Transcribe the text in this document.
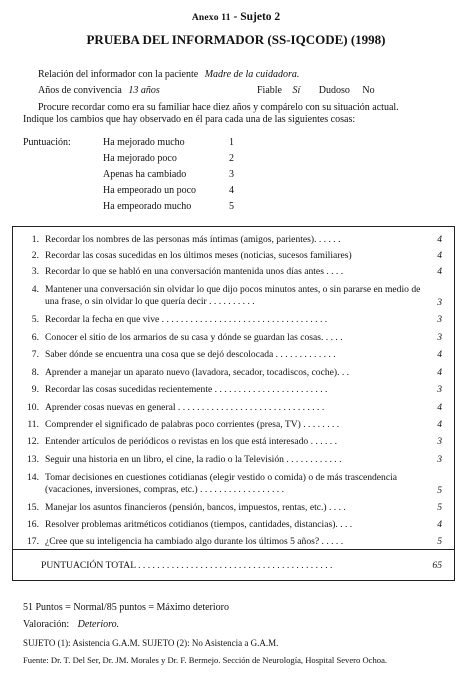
Anexo 11 - Sujeto 2
PRUEBA DEL INFORMADOR (SS-IQCODE) (1998)
Relación del informador con la paciente Madre de la cuidadora.
Años de convivencia 13 años	Fiable Sí Dudoso No
Procure recordar como era su familiar hace diez años y compárelo con su situación actual.
Indique los cambios que hay observado en él para cada una de las siguientes cosas:
Puntuación:	Ha mejorado mucho	1
Ha mejorado poco	2
Apenas ha cambiado	3
Ha empeorado un poco	4
Ha empeorado mucho	5
1. Recordar los nombres de las personas más íntimas (amigos, parientes). . . . . .	4
2. Recordar las cosas sucedidas en los últimos meses (noticias, sucesos familiares)	4
3. Recordar lo que se habló en una conversación mantenida unos días antes . . . .	4
4. Mantener una conversación sin olvidar lo que dijo pocos minutos antes, o sin pararse en medio de una frase, o sin olvidar lo que quería decir . . . . . . . . . .	3
5. Recordar la fecha en que vive . . . . . . . . . . . . . . . . . . . . . . . . . . . . . . . . . . .	3
6. Conocer el sitio de los armarios de su casa y dónde se guardan las cosas. . . . .	3
7. Saber dónde se encuentra una cosa que se dejó descolocada . . . . . . . . . . . . .	4
8. Aprender a manejar un aparato nuevo (lavadora, secador, tocadiscos, coche). . .	4
9. Recordar las cosas sucedidas recientemente . . . . . . . . . . . . . . . . . . . . . . . .	3
10. Aprender cosas nuevas en general . . . . . . . . . . . . . . . . . . . . . . . . . . . . . . .	4
11. Comprender el significado de palabras poco corrientes (presa, TV) . . . . . . . .	4
12. Entender artículos de periódicos o revistas en los que está interesado . . . . . .	3
13. Seguir una historia en un libro, el cine, la radio o la Televisión . . . . . . . . . . . .	3
14. Tomar decisiones en cuestiones cotidianas (elegir vestido o comida) o de más trascendencia (vacaciones, inversiones, compras, etc.) . . . . . . . . . . . . . . . . . .	5
15. Manejar los asuntos financieros (pensión, bancos, impuestos, rentas, etc.) . . . .	5
16. Resolver problemas aritméticos cotidianos (tiempos, cantidades, distancias). . . .	4
17. ¿Cree que su inteligencia ha cambiado algo durante los últimos 5 años? . . . . .	5
PUNTUACIÓN TOTAL . . . . . . . . . . . . . . . . . . . . . . . . . . . . . . . . . . . . . . . . .	65
51 Puntos = Normal/85 puntos = Máximo deterioro
Valoración: Deterioro.
SUJETO (1): Asistencia G.A.M. SUJETO (2): No Asistencia a G.A.M.
Fuente: Dr. T. Del Ser, Dr. JM. Morales y Dr. F. Bermejo. Sección de Neurología, Hospital Severo Ochoa.
